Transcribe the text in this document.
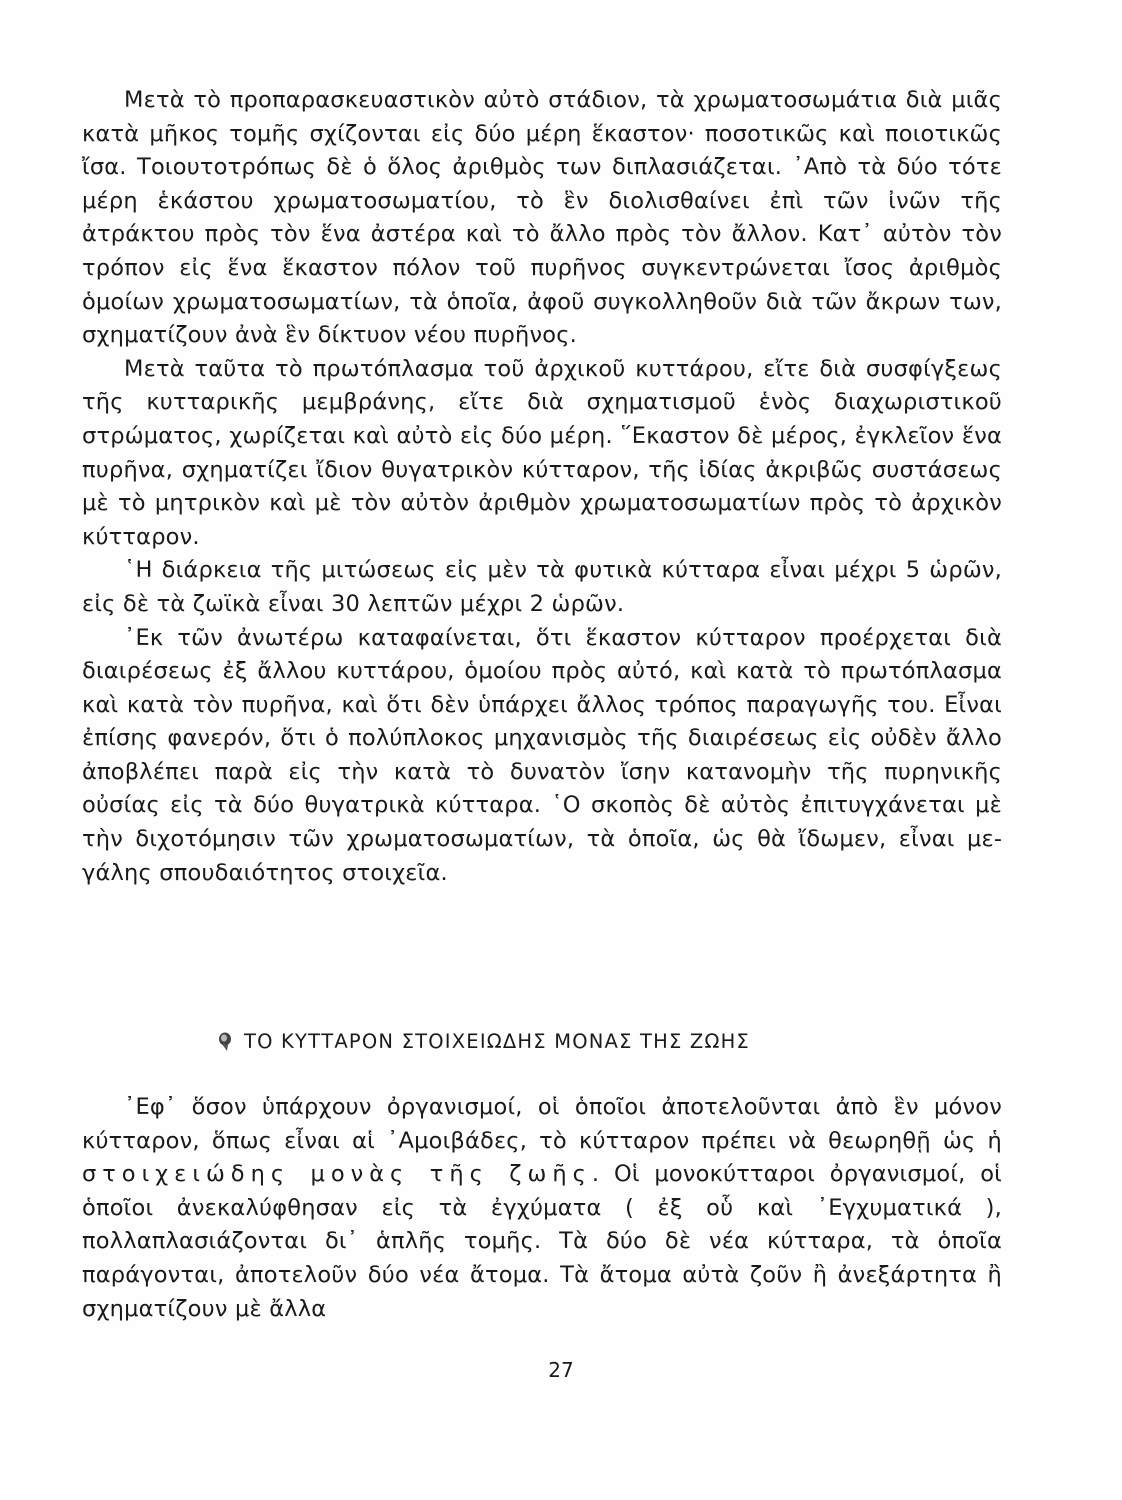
Μετὰ τὸ προπαρασκευαστικὸν αὐτὸ στάδιον, τὰ χρωματοσωμάτια διὰ μιᾶς κατὰ μῆκος τομῆς σχίζονται εἰς δύο μέρη ἕκαστον· ποσοτικῶς καὶ ποιοτικῶς ἴσα. Τοιουτοτρόπως δὲ ὁ ὅλος ἀριθμὸς των διπλασιάζεται. ᾿Απὸ τὰ δύο τότε μέρη ἑκάστου χρωματοσωματίου, τὸ ἓν διολισθαίνει ἐπὶ τῶν ἰνῶν τῆς ἀτράκτου πρὸς τὸν ἕνα ἀστέρα καὶ τὸ ἄλλο πρὸς τὸν ἄλλον. Κατ᾿ αὐτὸν τὸν τρόπον εἰς ἕνα ἕκαστον πόλον τοῦ πυρῆνος συγκεντρώνεται ἴσος ἀριθμὸς ὁμοίων χρωματοσωματίων, τὰ ὁποῖα, ἀφοῦ συγκολληθοῦν διὰ τῶν ἄκρων των, σχηματίζουν ἀνὰ ἓν δίκτυον νέου πυρῆνος.

Μετὰ ταῦτα τὸ πρωτόπλασμα τοῦ ἀρχικοῦ κυττάρου, εἴτε διὰ συσφίγξεως τῆς κυτταρικῆς μεμβράνης, εἴτε διὰ σχηματισμοῦ ἑνὸς διαχωριστικοῦ στρώματος, χωρίζεται καὶ αὐτὸ εἰς δύο μέρη. ῞Εκαστον δὲ μέρος, ἐγκλεῖον ἕνα πυρῆνα, σχηματίζει ἴδιον θυγατρικὸν κύτταρον, τῆς ἰδίας ἀκριβῶς συστάσεως μὲ τὸ μητρικὸν καὶ μὲ τὸν αὐτὸν ἀριθμὸν χρωματοσωματίων πρὸς τὸ ἀρχικὸν κύτταρον.

῾Η διάρκεια τῆς μιτώσεως εἰς μὲν τὰ φυτικὰ κύτταρα εἶναι μέχρι 5 ὡρῶν, εἰς δὲ τὰ ζωϊκὰ εἶναι 30 λεπτῶν μέχρι 2 ὡρῶν.

᾿Εκ τῶν ἀνωτέρω καταφαίνεται, ὅτι ἕκαστον κύτταρον προέρχεται διὰ διαιρέσεως ἐξ ἄλλου κυττάρου, ὁμοίου πρὸς αὐτό, καὶ κατὰ τὸ πρωτόπλασμα καὶ κατὰ τὸν πυρῆνα, καὶ ὅτι δὲν ὑπάρχει ἄλλος τρόπος παραγωγῆς του. Εἶναι ἐπίσης φανερόν, ὅτι ὁ πολύπλοκος μηχανισμὸς τῆς διαιρέσεως εἰς οὐδὲν ἄλλο ἀποβλέπει παρὰ εἰς τὴν κατὰ τὸ δυνατὸν ἴσην κατανομὴν τῆς πυρηνικῆς οὐσίας εἰς τὰ δύο θυγατρικὰ κύτταρα. ῾Ο σκοπὸς δὲ αὐτὸς ἐπιτυγχάνεται μὲ τὴν διχοτόμησιν τῶν χρωματοσωματίων, τὰ ὁποῖα, ὡς θὰ ἴδωμεν, εἶναι μεγάλης σπουδαιότητος στοιχεῖα.

ΤΟ ΚΥΤΤΑΡΟΝ ΣΤΟΙΧΕΙΩΔΗΣ ΜΟΝΑΣ ΤΗΣ ΖΩΗΣ

᾿Εφ᾿ ὅσον ὑπάρχουν ὀργανισμοί, οἱ ὁποῖοι ἀποτελοῦνται ἀπὸ ἓν μόνον κύτταρον, ὅπως εἶναι αἱ ᾿Αμοιβάδες, τὸ κύτταρον πρέπει νὰ θεωρηθῇ ὡς ἡ στοιχειώδης μονὰς τῆς ζωῆς. Οἱ μονοκύτταροι ὀργανισμοί, οἱ ὁποῖοι ἀνεκαλύφθησαν εἰς τὰ ἐγχύματα ( ἐξ οὗ καὶ ᾿Εγχυματικά ), πολλαπλασιάζονται δι᾿ ἁπλῆς τομῆς. Τὰ δύο δὲ νέα κύτταρα, τὰ ὁποῖα παράγονται, ἀποτελοῦν δύο νέα ἄτομα. Τὰ ἄτομα αὐτὰ ζοῦν ἢ ἀνεξάρτητα ἢ σχηματίζουν μὲ ἄλλα

27
